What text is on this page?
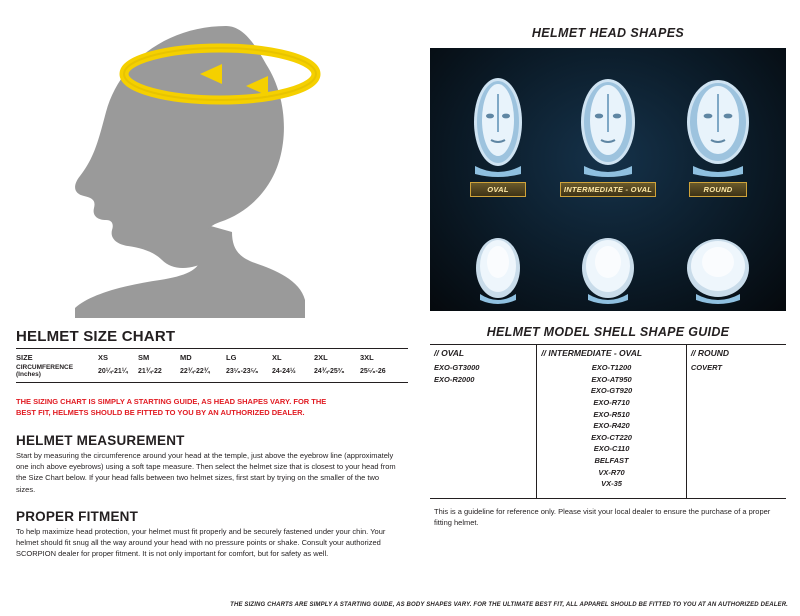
HELMET SIZE CHART
SIZE	XS	SM	MD	LG	XL	2XL	3XL
CIRCUMFERENCE
(Inches)	20¼-21¼	21¾-22	22¾-22¾	23¹⁄₈-23⁵⁄₈	24-24½	24¾-25³⁄₈	25⁵⁄₈-26
THE SIZING CHART IS SIMPLY A STARTING GUIDE, AS HEAD SHAPES VARY. FOR THE BEST FIT, HELMETS SHOULD BE FITTED TO YOU BY AN AUTHORIZED DEALER.
HELMET MEASUREMENT
Start by measuring the circumference around your head at the temple, just above the eyebrow line (approximately one inch above eyebrows) using a soft tape measure. Then select the helmet size that is closest to your head from the Size Chart below. If your head falls between two helmet sizes, first start by trying on the smaller of the two sizes.
PROPER FITMENT
To help maximize head protection, your helmet must fit properly and be securely fastened under your chin. Your helmet should fit snug all the way around your head with no pressure points or shake. Consult your authorized SCORPION dealer for proper fitment. It is not only important for comfort, but for safety as well.
HELMET HEAD SHAPES
OVAL	INTERMEDIATE - OVAL	ROUND
HELMET MODEL SHELL SHAPE GUIDE
// OVAL
EXO-GT3000
EXO-R2000

// INTERMEDIATE - OVAL
EXO-T1200
EXO-AT950
EXO-GT920
EXO-R710
EXO-R510
EXO-R420
EXO-CT220
EXO-C110
BELFAST
VX-R70
VX-35

// ROUND
COVERT
This is a guideline for reference only. Please visit your local dealer to ensure the purchase of a proper fitting helmet.
THE SIZING CHARTS ARE SIMPLY A STARTING GUIDE, AS BODY SHAPES VARY. FOR THE ULTIMATE BEST FIT, ALL APPAREL SHOULD BE FITTED TO YOU AT AN AUTHORIZED DEALER.
